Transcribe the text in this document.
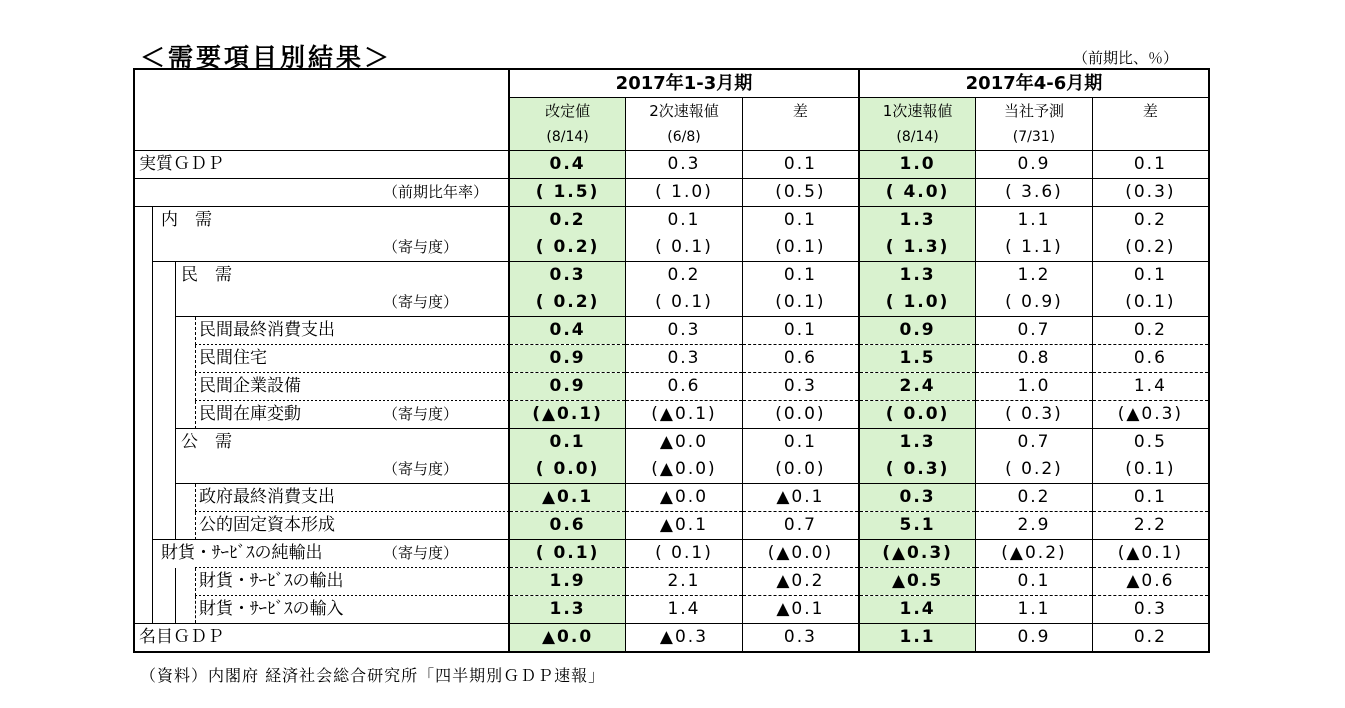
＜需要項目別結果＞	（前期比、％）
	2017年1-3月期			2017年4-6月期		
	改定値	2次速報値	差	1次速報値	当社予測	差
	(8/14)	(6/8)		(8/14)	(7/31)	

実質ＧＤＰ	0.4	0.3	0.1	1.0	0.9	0.1

（前期比年率）	( 1.5)	( 1.0)	(0.5)	( 4.0)	( 3.6)	(0.3)

内　需	0.2	0.1	0.1	1.3	1.1	0.2

（寄与度）	( 0.2)	( 0.1)	(0.1)	( 1.3)	( 1.1)	(0.2)

民　需	0.3	0.2	0.1	1.3	1.2	0.1

（寄与度）	( 0.2)	( 0.1)	(0.1)	( 1.0)	( 0.9)	(0.1)

民間最終消費支出	0.4	0.3	0.1	0.9	0.7	0.2

民間住宅	0.9	0.3	0.6	1.5	0.8	0.6

民間企業設備	0.9	0.6	0.3	2.4	1.0	1.4

民間在庫変動 （寄与度）	(▲0.1)	(▲0.1)	(0.0)	( 0.0)	( 0.3)	(▲0.3)

公　需	0.1	▲0.0	0.1	1.3	0.7	0.5

（寄与度）	( 0.0)	(▲0.0)	(0.0)	( 0.3)	( 0.2)	(0.1)

政府最終消費支出	▲0.1	▲0.0	▲0.1	0.3	0.2	0.1

公的固定資本形成	0.6	▲0.1	0.7	5.1	2.9	2.2

財貨・ｻｰﾋﾞｽの純輸出 （寄与度）	( 0.1)	( 0.1)	(▲0.0)	(▲0.3)	(▲0.2)	(▲0.1)

財貨・ｻｰﾋﾞｽの輸出	1.9	2.1	▲0.2	▲0.5	0.1	▲0.6

財貨・ｻｰﾋﾞｽの輸入	1.3	1.4	▲0.1	1.4	1.1	0.3

名目ＧＤＰ	▲0.0	▲0.3	0.3	1.1	0.9	0.2
（資料）内閣府 経済社会総合研究所「四半期別ＧＤＰ速報」
